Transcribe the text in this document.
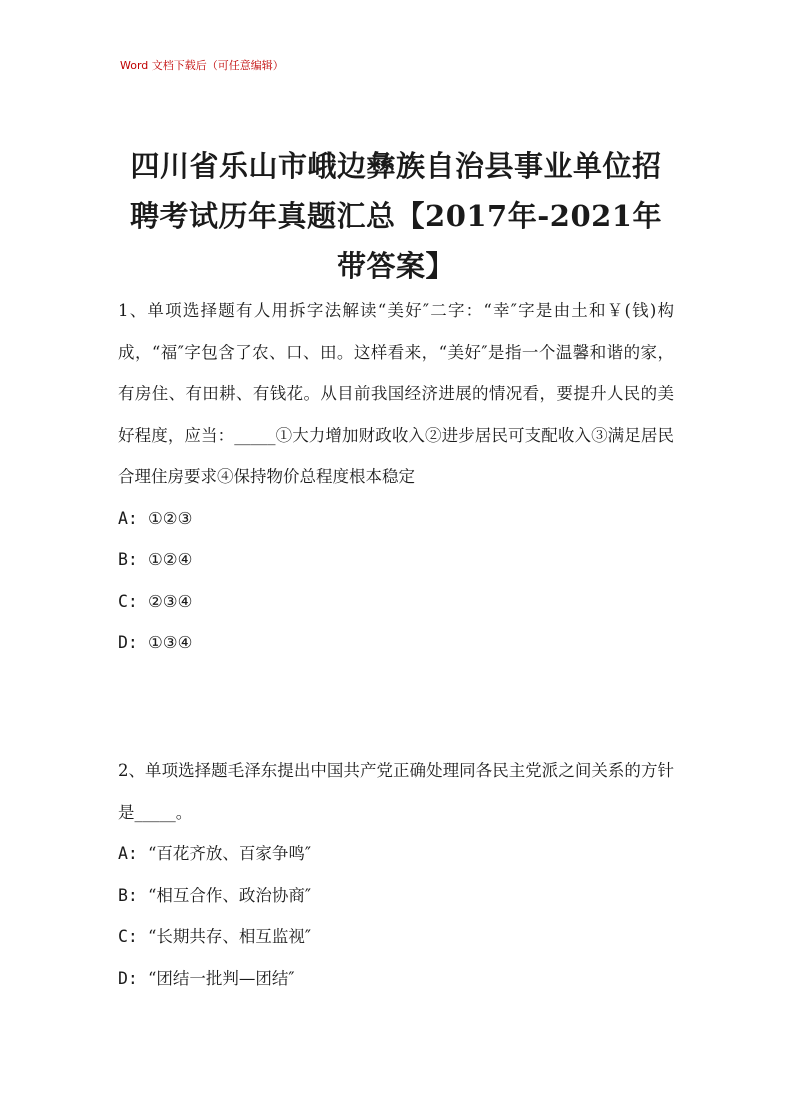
Word 文档下载后（可任意编辑）
四川省乐山市峨边彝族自治县事业单位招聘考试历年真题汇总【2017年-2021年带答案】

1、单项选择题有人用拆字法解读“美好″二字：“幸″字是由土和￥(钱)构成，“福″字包含了农、口、田。这样看来，“美好″是指一个温馨和谐的家，有房住、有田耕、有钱花。从目前我国经济进展的情况看，要提升人民的美好程度，应当：_____①大力增加财政收入②进步居民可支配收入③满足居民合理住房要求④保持物价总程度根本稳定

A: ①②③

B: ①②④

C: ②③④

D: ①③④

2、单项选择题毛泽东提出中国共产党正确处理同各民主党派之间关系的方针是_____。

A: “百花齐放、百家争鸣″

B: “相互合作、政治协商″

C: “长期共存、相互监视″

D: “团结一批判—团结″
